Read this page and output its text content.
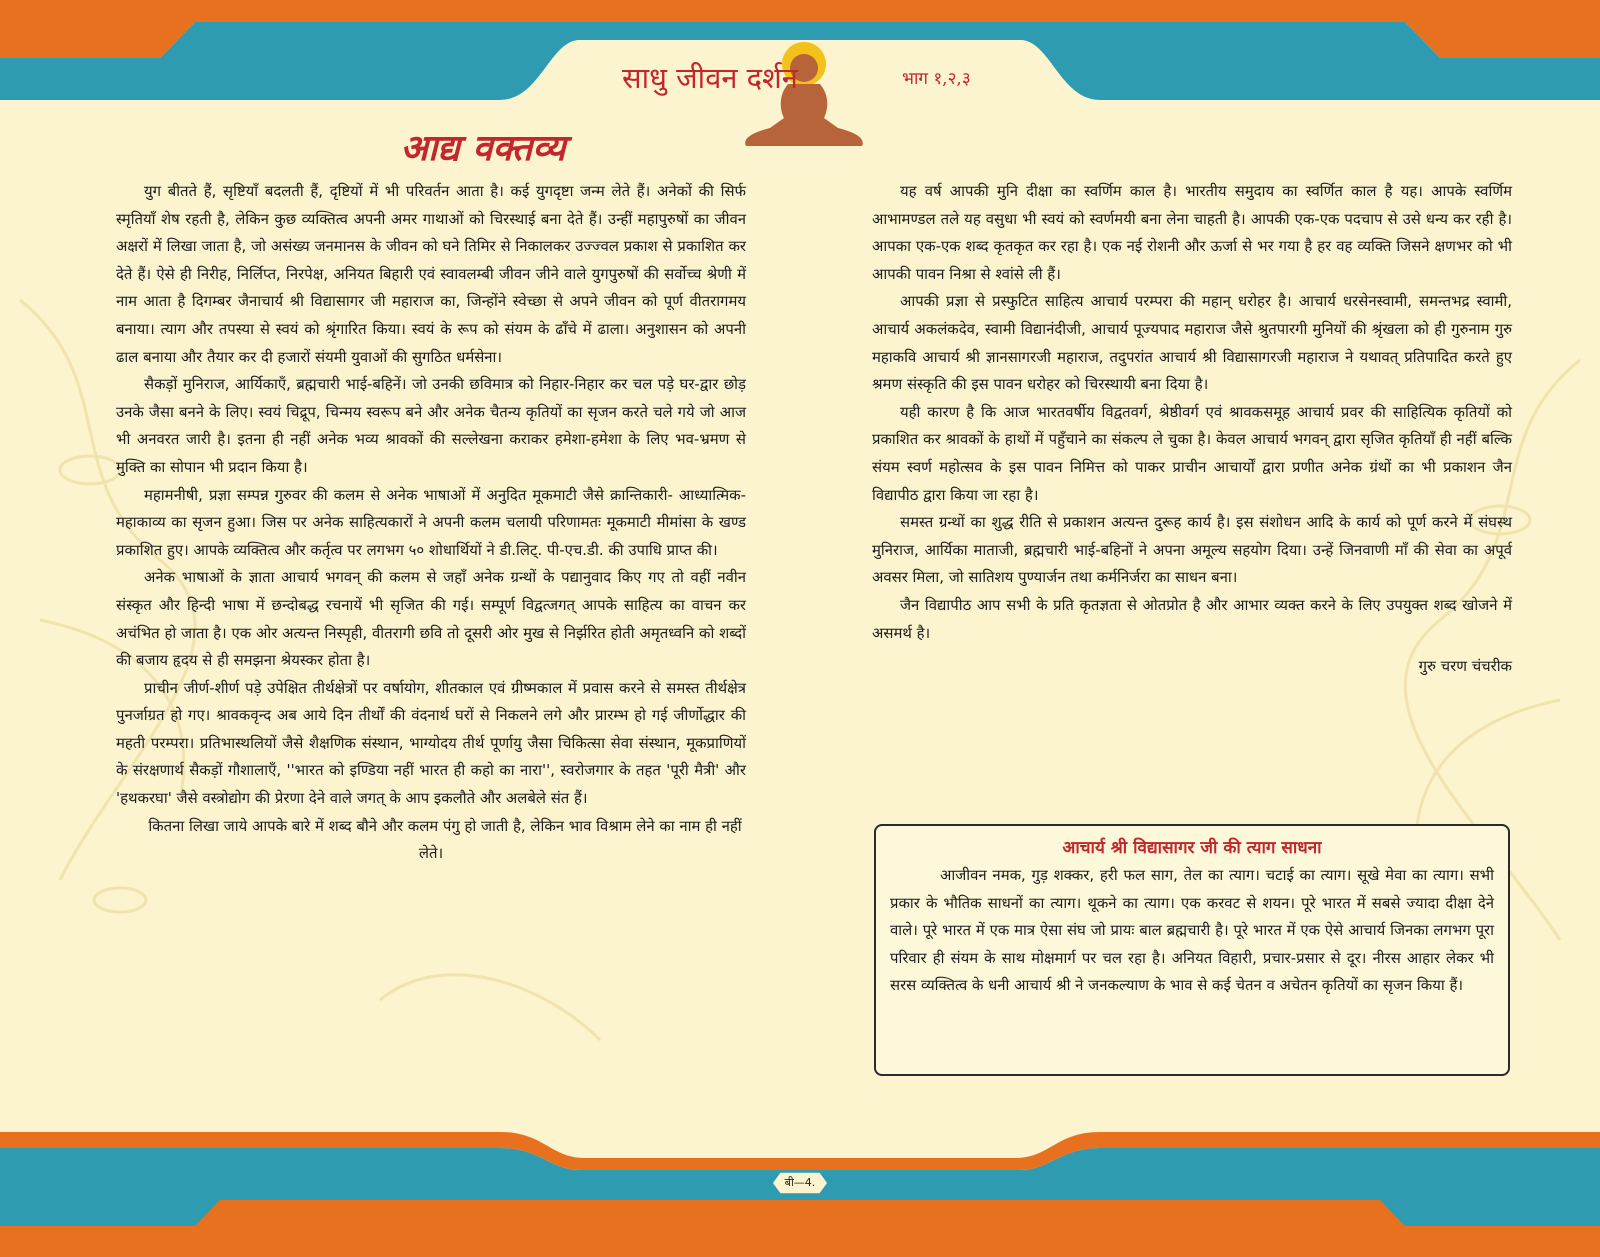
साधु जीवन दर्शन	भाग १,२,३
आद्य वक्तव्य

युग बीतते हैं, सृष्टियाँ बदलती हैं, दृष्टियों में भी परिवर्तन आता है। कई युगदृष्टा जन्म लेते हैं। अनेकों की सिर्फ स्मृतियाँ शेष रहती है, लेकिन कुछ व्यक्तित्व अपनी अमर गाथाओं को चिरस्थाई बना देते हैं। उन्हीं महापुरुषों का जीवन अक्षरों में लिखा जाता है, जो असंख्य जनमानस के जीवन को घने तिमिर से निकालकर उज्ज्वल प्रकाश से प्रकाशित कर देते हैं। ऐसे ही निरीह, निर्लिप्त, निरपेक्ष, अनियत बिहारी एवं स्वावलम्बी जीवन जीने वाले युगपुरुषों की सर्वोच्च श्रेणी में नाम आता है दिगम्बर जैनाचार्य श्री विद्यासागर जी महाराज का, जिन्होंने स्वेच्छा से अपने जीवन को पूर्ण वीतरागमय बनाया। त्याग और तपस्या से स्वयं को श्रृंगारित किया। स्वयं के रूप को संयम के ढाँचे में ढाला। अनुशासन को अपनी ढाल बनाया और तैयार कर दी हजारों संयमी युवाओं की सुगठित धर्मसेना।

सैकड़ों मुनिराज, आर्यिकाएँ, ब्रह्मचारी भाई-बहिनें। जो उनकी छविमात्र को निहार-निहार कर चल पड़े घर-द्वार छोड़ उनके जैसा बनने के लिए। स्वयं चिद्रूप, चिन्मय स्वरूप बने और अनेक चैतन्य कृतियों का सृजन करते चले गये जो आज भी अनवरत जारी है। इतना ही नहीं अनेक भव्य श्रावकों की सल्लेखना कराकर हमेशा-हमेशा के लिए भव-भ्रमण से मुक्ति का सोपान भी प्रदान किया है।

महामनीषी, प्रज्ञा सम्पन्न गुरुवर की कलम से अनेक भाषाओं में अनुदित मूकमाटी जैसे क्रान्तिकारी- आध्यात्मिक-महाकाव्य का सृजन हुआ। जिस पर अनेक साहित्यकारों ने अपनी कलम चलायी परिणामतः मूकमाटी मीमांसा के खण्ड प्रकाशित हुए। आपके व्यक्तित्व और कर्तृत्व पर लगभग ५० शोधार्थियों ने डी.लिट्. पी-एच.डी. की उपाधि प्राप्त की।

अनेक भाषाओं के ज्ञाता आचार्य भगवन् की कलम से जहाँ अनेक ग्रन्थों के पद्यानुवाद किए गए तो वहीं नवीन संस्कृत और हिन्दी भाषा में छन्दोबद्ध रचनायें भी सृजित की गई। सम्पूर्ण विद्वत्जगत् आपके साहित्य का वाचन कर अचंभित हो जाता है। एक ओर अत्यन्त निस्पृही, वीतरागी छवि तो दूसरी ओर मुख से निर्झरित होती अमृतध्वनि को शब्दों की बजाय हृदय से ही समझना श्रेयस्कर होता है।

प्राचीन जीर्ण-शीर्ण पड़े उपेक्षित तीर्थक्षेत्रों पर वर्षायोग, शीतकाल एवं ग्रीष्मकाल में प्रवास करने से समस्त तीर्थक्षेत्र पुनर्जाग्रत हो गए। श्रावकवृन्द अब आये दिन तीर्थों की वंदनार्थ घरों से निकलने लगे और प्रारम्भ हो गई जीर्णोद्धार की महती परम्परा। प्रतिभास्थलियों जैसे शैक्षणिक संस्थान, भाग्योदय तीर्थ पूर्णायु जैसा चिकित्सा सेवा संस्थान, मूकप्राणियों के संरक्षणार्थ सैकड़ों गौशालाएँ, ''भारत को इण्डिया नहीं भारत ही कहो का नारा'', स्वरोजगार के तहत 'पूरी मैत्री' और 'हथकरघा' जैसे वस्त्रोद्योग की प्रेरणा देने वाले जगत् के आप इकलौते और अलबेले संत हैं।

कितना लिखा जाये आपके बारे में शब्द बौने और कलम पंगु हो जाती है, लेकिन भाव विश्राम लेने का नाम ही नहीं लेते।

यह वर्ष आपकी मुनि दीक्षा का स्वर्णिम काल है। भारतीय समुदाय का स्वर्णित काल है यह। आपके स्वर्णिम आभामण्डल तले यह वसुधा भी स्वयं को स्वर्णमयी बना लेना चाहती है। आपकी एक-एक पदचाप से उसे धन्य कर रही है। आपका एक-एक शब्द कृतकृत कर रहा है। एक नई रोशनी और ऊर्जा से भर गया है हर वह व्यक्ति जिसने क्षणभर को भी आपकी पावन निश्रा से श्वांसे ली हैं।

आपकी प्रज्ञा से प्रस्फुटित साहित्य आचार्य परम्परा की महान् धरोहर है। आचार्य धरसेनस्वामी, समन्तभद्र स्वामी, आचार्य अकलंकदेव, स्वामी विद्यानंदीजी, आचार्य पूज्यपाद महाराज जैसे श्रुतपारगी मुनियों की श्रृंखला को ही गुरुनाम गुरु महाकवि आचार्य श्री ज्ञानसागरजी महाराज, तदुपरांत आचार्य श्री विद्यासागरजी महाराज ने यथावत् प्रतिपादित करते हुए श्रमण संस्कृति की इस पावन धरोहर को चिरस्थायी बना दिया है।

यही कारण है कि आज भारतवर्षीय विद्वतवर्ग, श्रेष्ठीवर्ग एवं श्रावकसमूह आचार्य प्रवर की साहित्यिक कृतियों को प्रकाशित कर श्रावकों के हाथों में पहुँचाने का संकल्प ले चुका है। केवल आचार्य भगवन् द्वारा सृजित कृतियाँ ही नहीं बल्कि संयम स्वर्ण महोत्सव के इस पावन निमित्त को पाकर प्राचीन आचार्यों द्वारा प्रणीत अनेक ग्रंथों का भी प्रकाशन जैन विद्यापीठ द्वारा किया जा रहा है।

समस्त ग्रन्थों का शुद्ध रीति से प्रकाशन अत्यन्त दुरूह कार्य है। इस संशोधन आदि के कार्य को पूर्ण करने में संघस्थ मुनिराज, आर्यिका माताजी, ब्रह्मचारी भाई-बहिनों ने अपना अमूल्य सहयोग दिया। उन्हें जिनवाणी माँ की सेवा का अपूर्व अवसर मिला, जो सातिशय पुण्यार्जन तथा कर्मनिर्जरा का साधन बना।

जैन विद्यापीठ आप सभी के प्रति कृतज्ञता से ओतप्रोत है और आभार व्यक्त करने के लिए उपयुक्त शब्द खोजने में असमर्थ है।

गुरु चरण चंचरीक

आचार्य श्री विद्यासागर जी की त्याग साधना

आजीवन नमक, गुड़ शक्कर, हरी फल साग, तेल का त्याग। चटाई का त्याग। सूखे मेवा का त्याग। सभी प्रकार के भौतिक साधनों का त्याग। थूकने का त्याग। एक करवट से शयन। पूरे भारत में सबसे ज्यादा दीक्षा देने वाले। पूरे भारत में एक मात्र ऐसा संघ जो प्रायः बाल ब्रह्मचारी है। पूरे भारत में एक ऐसे आचार्य जिनका लगभग पूरा परिवार ही संयम के साथ मोक्षमार्ग पर चल रहा है। अनियत विहारी, प्रचार-प्रसार से दूर। नीरस आहार लेकर भी सरस व्यक्तित्व के धनी आचार्य श्री ने जनकल्याण के भाव से कई चेतन व अचेतन कृतियों का सृजन किया हैं।

बी—4.
